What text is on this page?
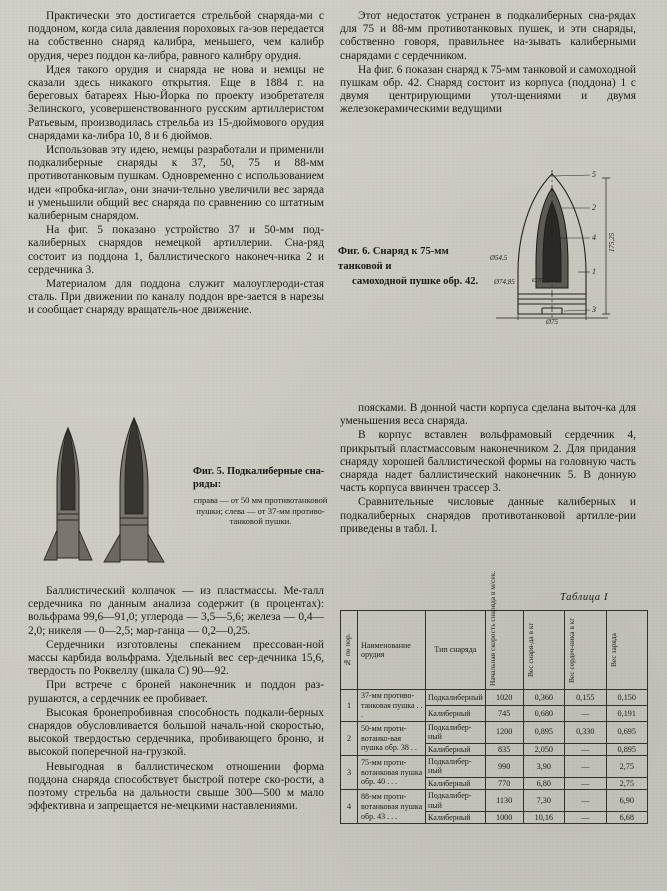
Практически это достигается стрельбой снаряда-ми с поддоном, когда сила давления пороховых га-зов передается на собственно снаряд калибра, меньшего, чем калибр орудия, через поддон ка-либра, равного калибру орудия.

Идея такого орудия и снаряда не нова и немцы не сказали здесь никакого открытия. Еще в 1884 г. на береговых батареях Нью-Йорка по проекту изобретателя Зелинского, усовершенствованного русским артиллеристом Ратьевым, производилась стрельба из 15-дюймового орудия снарядами ка-либра 10, 8 и 6 дюймов.

Использовав эту идею, немцы разработали и применили подкалиберные снаряды к 37, 50, 75 и 88-мм противотанковым пушкам. Одновременно с использованием идеи «пробка-игла», они значи-тельно увеличили вес заряда и уменьшили общий вес снаряда по сравнению со штатным калиберным снарядом.

На фиг. 5 показано устройство 37 и 50-мм под-калиберных снарядов немецкой артиллерии. Сна-ряд состоит из поддона 1, баллистического наконеч-ника 2 и сердечника 3.

Материалом для поддона служит малоуглероди-стая сталь. При движении по каналу поддон вре-зается в нарезы и сообщает снаряду вращатель-ное движение.

Этот недостаток устранен в подкалиберных сна-рядах для 75 и 88-мм противотанковых пушек, и эти снаряды, собственно говоря, правильнее на-зывать калиберными снарядами с сердечником.

На фиг. 6 показан снаряд к 75-мм танковой и самоходной пушкам обр. 42. Снаряд состоит из корпуса (поддона) 1 с двумя центрирующими утол-щениями и двумя железокерамическими ведущими

Фиг. 6. Снаряд к 75-мм танковой и
самоходной пушке обр. 42.
5
2
4
1
3
Ø74,85
Ø54,5
175,25
Ø70
Ø75

поясками. В донной части корпуса сделана выточ-ка для уменьшения веса снаряда.

В корпус вставлен вольфрамовый сердечник 4, прикрытый пластмассовым наконечником 2. Для придания снаряду хорошей баллистической формы на головную часть снаряда надет баллистический наконечник 5. В донную часть корпуса ввинчен трассер 3.

Сравнительные числовые данные калиберных и подкалиберных снарядов противотанковой артилле-рии приведены в табл. I.

Фиг. 5. Подкалиберные сна-ряды:
справа — от 50 мм противотанковой пушки; слева — от 37-мм противо-танковой пушки.

Баллистический колпачок — из пластмассы. Ме-талл сердечника по данным анализа содержит (в процентах): вольфрама 99,6—91,0; углерода — 3,5—5,6; железа — 0,4—2,0; никеля — 0—2,5; мар-ганца — 0,2—0,25.

Сердечники изготовлены спеканием прессован-ной массы карбида вольфрама. Удельный вес сер-дечника 15,6, твердость по Роквеллу (шкала С) 90—92.

При встрече с броней наконечник и поддон раз-рушаются, а сердечник ее пробивает.

Высокая бронепробивная способность подкали-берных снарядов обусловливается большой началь-ной скоростью, высокой твердостью сердечника, пробивающего броню, и высокой поперечной на-грузкой.

Невыгодная в баллистическом отношении форма поддона снаряда способствует быстрой потере ско-рости, а поэтому стрельба на дальности свыше 300—500 м мало эффективна и запрещается не-мецкими наставлениями.

Таблица I
№ по пор.	Наименование орудия	Тип снаряда	Начальная скорость снаряда в м/сек.	Вес снаря-да в кг	Вес сердеч-ника в кг	Вес заряда

1	37-мм противо-танковая пушка . . .	Подкалиберный	1020	0,360	0,155	0,150
		Калиберный	745	0,680	—	0,191
2	50-мм проти-вотанко-вая пушка обр. 38 . .	Подкалибер-ный	1200	0,895	0,330	0,695
		Калиберный	835	2,050	—	0,895
3	75-мм проти-вотанковая пушка обр. 40 . . .	Подкалибер-ный	990	3,90	—	2,75
		Калиберный	770	6,80	—	2,75
4	88-мм проти-вотанковая пушка обр. 43 . . .	Подкалибер-ный	1130	7,30	—	6,90
		Калиберный	1000	10,16	—	6,68
